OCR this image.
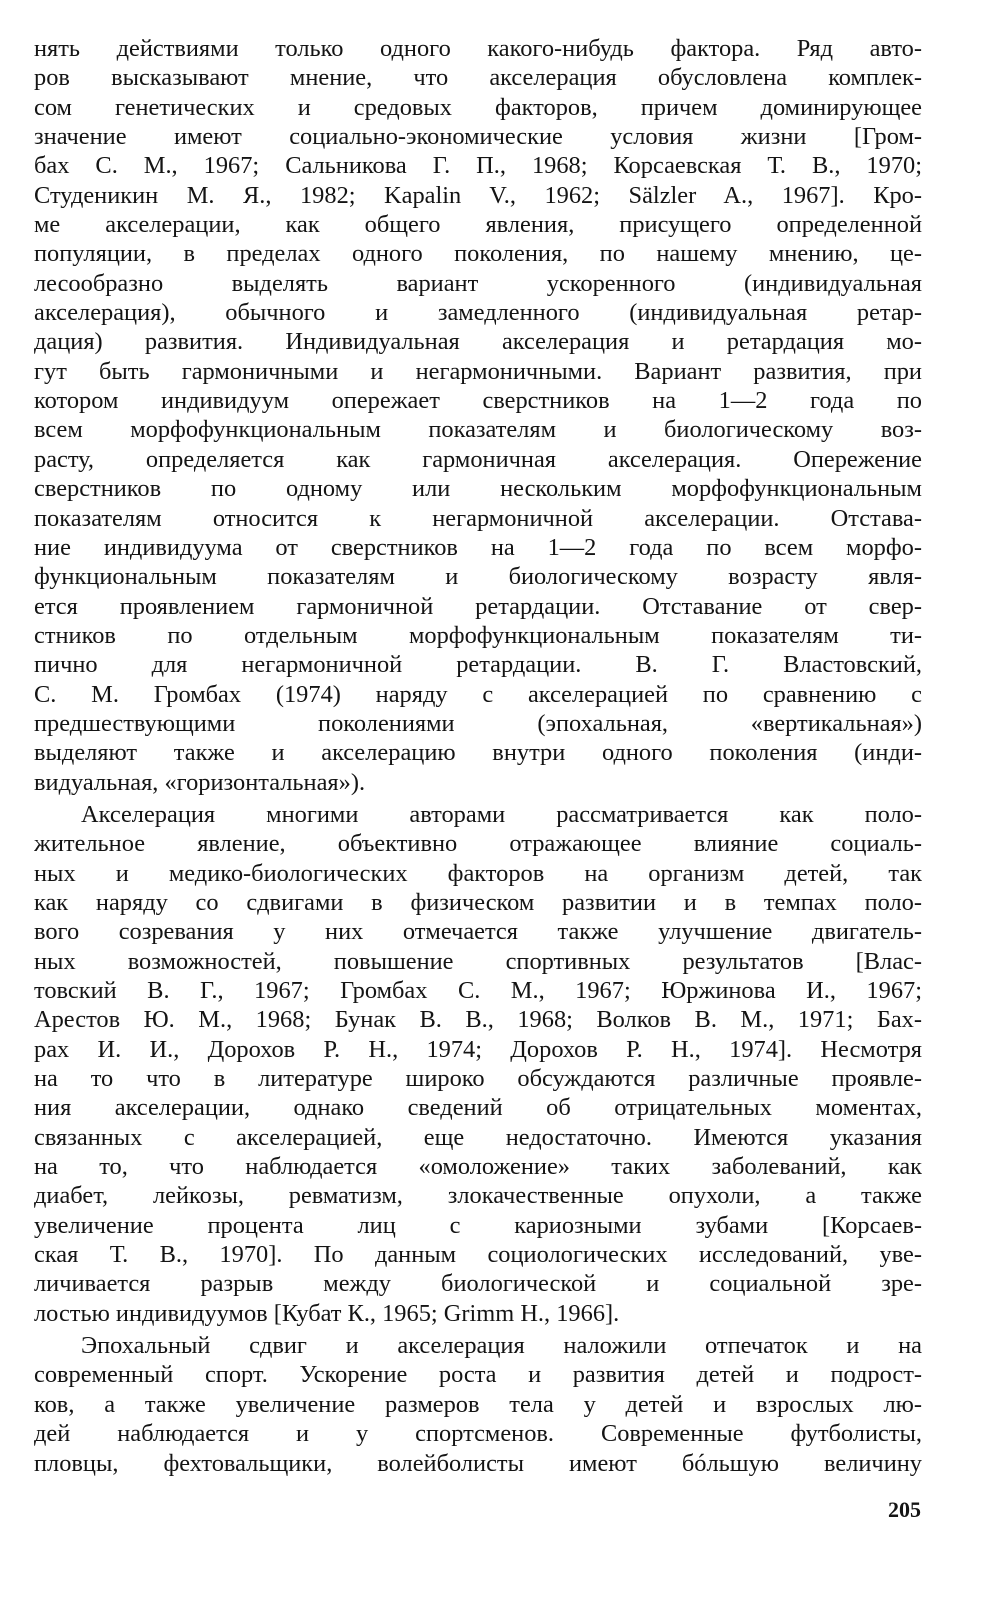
нять действиями только одного какого-нибудь фактора. Ряд авто-
ров высказывают мнение, что акселерация обусловлена комплек-
сом генетических и средовых факторов, причем доминирующее
значение имеют социально-экономические условия жизни [Гром-
бах С. М., 1967; Сальникова Г. П., 1968; Корсаевская Т. В., 1970;
Студеникин М. Я., 1982; Kapalin V., 1962; Sälzler A., 1967]. Кро-
ме акселерации, как общего явления, присущего определенной
популяции, в пределах одного поколения, по нашему мнению, це-
лесообразно выделять вариант ускоренного (индивидуальная
акселерация), обычного и замедленного (индивидуальная ретар-
дация) развития. Индивидуальная акселерация и ретардация мо-
гут быть гармоничными и негармоничными. Вариант развития, при
котором индивидуум опережает сверстников на 1—2 года по
всем морфофункциональным показателям и биологическому воз-
расту, определяется как гармоничная акселерация. Опережение
сверстников по одному или нескольким морфофункциональным
показателям относится к негармоничной акселерации. Отстава-
ние индивидуума от сверстников на 1—2 года по всем морфо-
функциональным показателям и биологическому возрасту явля-
ется проявлением гармоничной ретардации. Отставание от свер-
стников по отдельным морфофункциональным показателям ти-
пично для негармоничной ретардации. В. Г. Властовский,
С. М. Громбах (1974) наряду с акселерацией по сравнению с
предшествующими поколениями (эпохальная, «вертикальная»)
выделяют также и акселерацию внутри одного поколения (инди-
видуальная, «горизонтальная»).
Акселерация многими авторами рассматривается как поло-
жительное явление, объективно отражающее влияние социаль-
ных и медико-биологических факторов на организм детей, так
как наряду со сдвигами в физическом развитии и в темпах поло-
вого созревания у них отмечается также улучшение двигатель-
ных возможностей, повышение спортивных результатов [Влас-
товский В. Г., 1967; Громбах С. М., 1967; Юржинова И., 1967;
Арестов Ю. М., 1968; Бунак В. В., 1968; Волков В. М., 1971; Бах-
рах И. И., Дорохов Р. Н., 1974; Дорохов Р. Н., 1974]. Несмотря
на то что в литературе широко обсуждаются различные проявле-
ния акселерации, однако сведений об отрицательных моментах,
связанных с акселерацией, еще недостаточно. Имеются указания
на то, что наблюдается «омоложение» таких заболеваний, как
диабет, лейкозы, ревматизм, злокачественные опухоли, а также
увеличение процента лиц с кариозными зубами [Корсаев-
ская Т. В., 1970]. По данным социологических исследований, уве-
личивается разрыв между биологической и социальной зре-
лостью индивидуумов [Кубат К., 1965; Grimm H., 1966].
Эпохальный сдвиг и акселерация наложили отпечаток и на
современный спорт. Ускорение роста и развития детей и подрост-
ков, а также увеличение размеров тела у детей и взрослых лю-
дей наблюдается и у спортсменов. Современные футболисты,
пловцы, фехтовальщики, волейболисты имеют бóльшую величину
205
